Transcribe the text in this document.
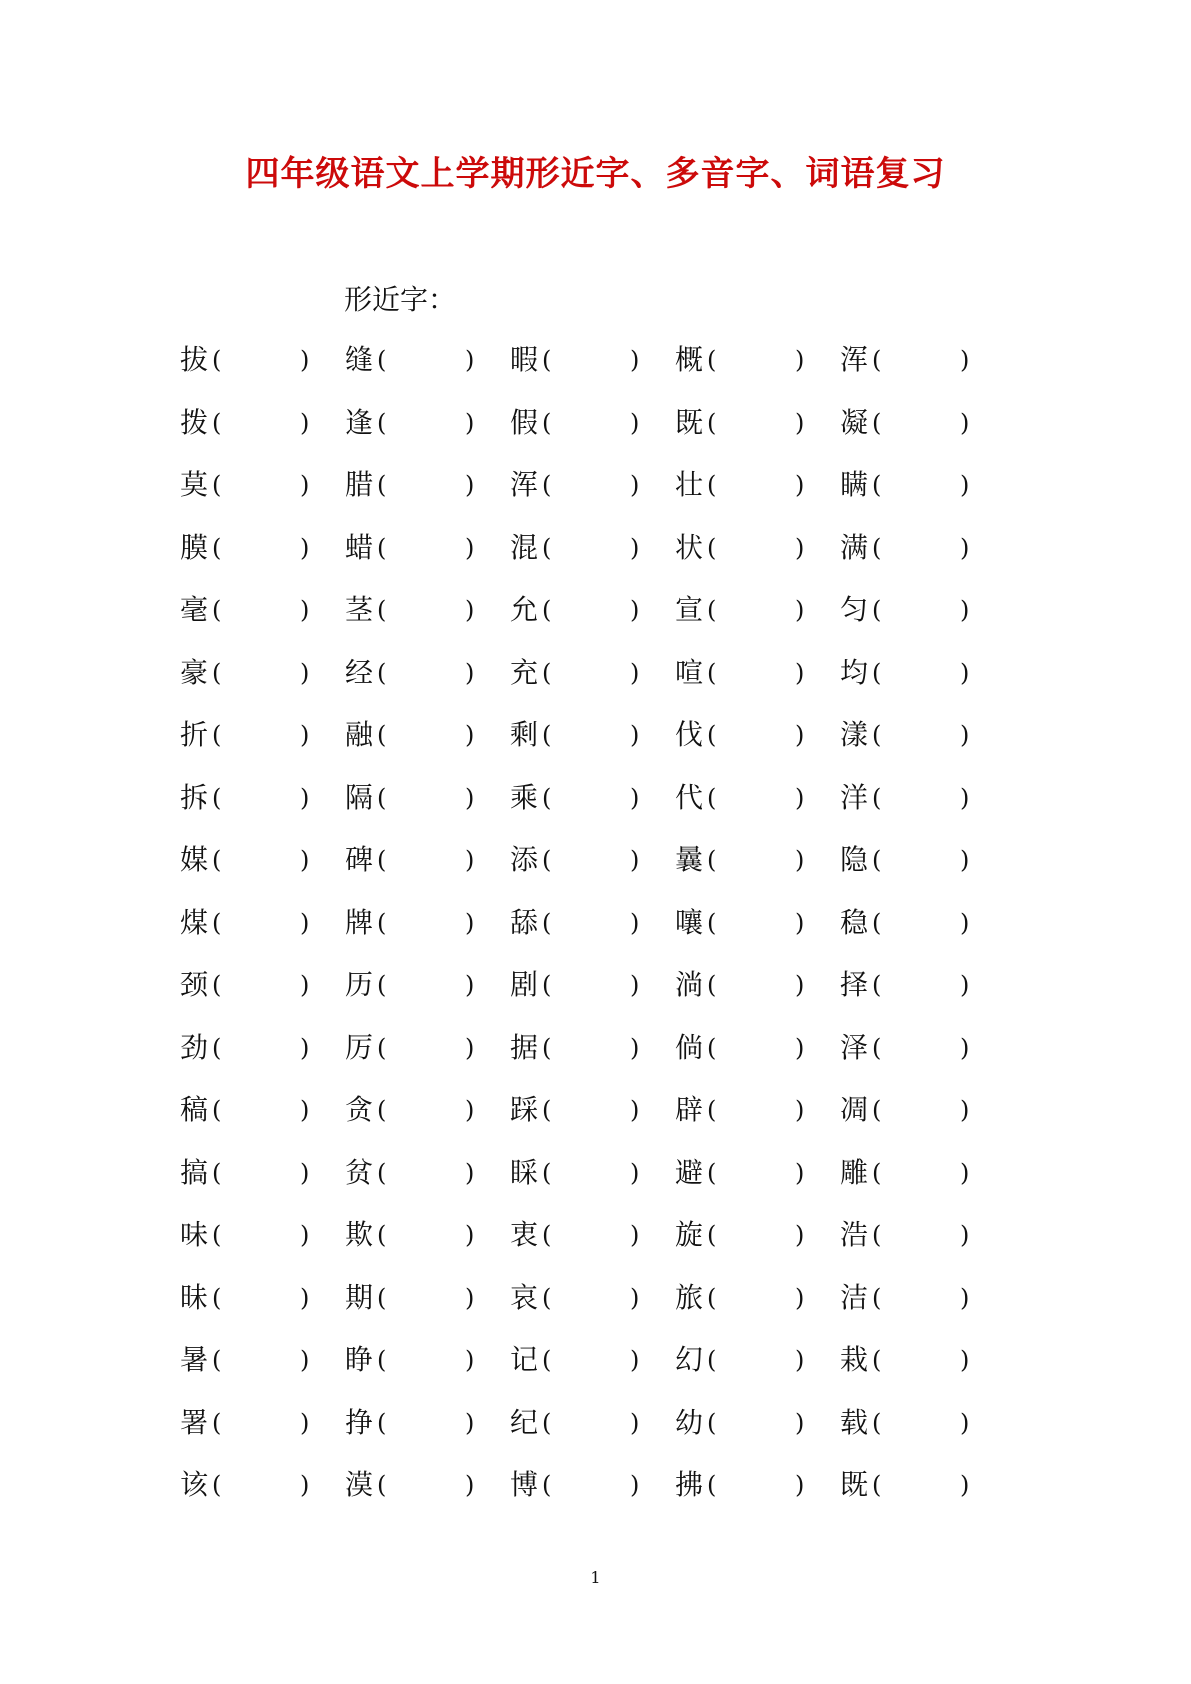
四年级语文上学期形近字、多音字、词语复习
形近字：
拔 (	) 缝 (	) 暇 (	) 概 (	) 浑 (	)
拨 (	) 逢 (	) 假 (	) 既 (	) 凝 (	)
莫 (	) 腊 (	) 浑 (	) 壮 (	) 瞒 (	)
膜 (	) 蜡 (	) 混 (	) 状 (	) 满 (	)
毫 (	) 茎 (	) 允 (	) 宣 (	) 匀 (	)
豪 (	) 经 (	) 充 (	) 喧 (	) 均 (	)
折 (	) 融 (	) 剩 (	) 伐 (	) 漾 (	)
拆 (	) 隔 (	) 乘 (	) 代 (	) 洋 (	)
媒 (	) 碑 (	) 添 (	) 曩 (	) 隐 (	)
煤 (	) 牌 (	) 舔 (	) 嚷 (	) 稳 (	)
颈 (	) 历 (	) 剧 (	) 淌 (	) 择 (	)
劲 (	) 厉 (	) 据 (	) 倘 (	) 泽 (	)
稿 (	) 贪 (	) 踩 (	) 辟 (	) 凋 (	)
搞 (	) 贫 (	) 睬 (	) 避 (	) 雕 (	)
味 (	) 欺 (	) 衷 (	) 旋 (	) 浩 (	)
昧 (	) 期 (	) 哀 (	) 旅 (	) 洁 (	)
暑 (	) 睁 (	) 记 (	) 幻 (	) 栽 (	)
署 (	) 挣 (	) 纪 (	) 幼 (	) 载 (	)
该 (	) 漠 (	) 博 (	) 拂 (	) 既 (	)
1
